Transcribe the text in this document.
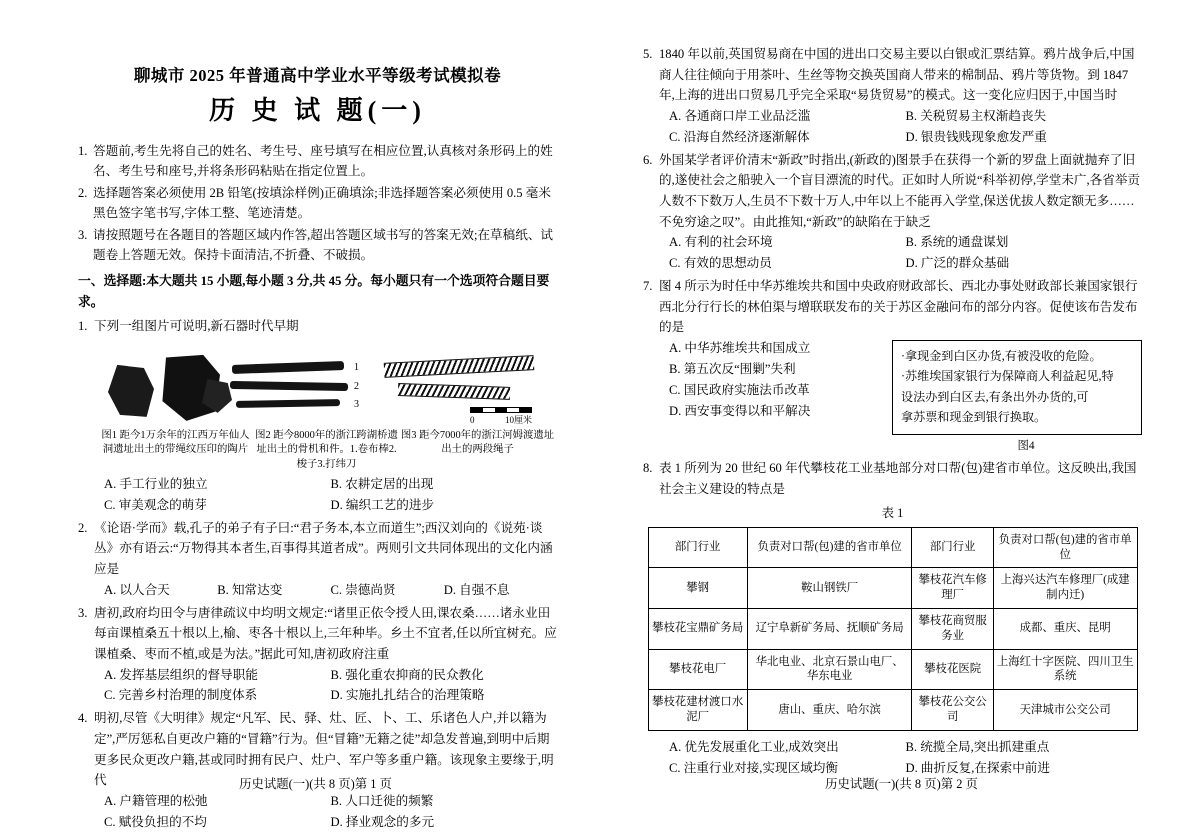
聊城市 2025 年普通高中学业水平等级考试模拟卷
历 史 试 题(一)
1. 答题前,考生先将自己的姓名、考生号、座号填写在相应位置,认真核对条形码上的姓名、考生号和座号,并将条形码粘贴在指定位置上。
2. 选择题答案必须使用 2B 铅笔(按填涂样例)正确填涂;非选择题答案必须使用 0.5 毫米黑色签字笔书写,字体工整、笔迹清楚。
3. 请按照题号在各题目的答题区域内作答,超出答题区域书写的答案无效;在草稿纸、试题卷上答题无效。保持卡面清洁,不折叠、不破损。
一、选择题:本大题共 15 小题,每小题 3 分,共 45 分。每小题只有一个选项符合题目要求。
1. 下列一组图片可说明,新石器时代早期
1
2
3
0	10厘米
图1 距今1万余年的江西万年仙人洞遗址出土的带绳纹压印的陶片
图2 距今8000年的浙江跨湖桥遗址出土的骨机和件。1.卷布棒2.梭子3.打纬刀
图3 距今7000年的浙江河姆渡遗址出土的两段绳子
A. 手工行业的独立	B. 农耕定居的出现
C. 审美观念的萌芽	D. 编织工艺的进步
2. 《论语·学而》载,孔子的弟子有子曰:“君子务本,本立而道生”;西汉刘向的《说苑·谈丛》亦有语云:“万物得其本者生,百事得其道者成”。两则引文共同体现出的文化内涵应是
A. 以人合天	B. 知常达变	C. 崇德尚贤	D. 自强不息
3. 唐初,政府均田令与唐律疏议中均明文规定:“诸里正依令授人田,课农桑……诸永业田每亩课植桑五十根以上,榆、枣各十根以上,三年种毕。乡土不宜者,任以所宜树充。应课植桑、枣而不植,或是为法。”据此可知,唐初政府注重
A. 发挥基层组织的督导职能	B. 强化重农抑商的民众教化
C. 完善乡村治理的制度体系	D. 实施扎扎结合的治理策略
4. 明初,尽管《大明律》规定“凡军、民、驿、灶、匠、卜、工、乐诸色人户,并以籍为定”,严厉惩私自更改户籍的“冒籍”行为。但“冒籍”无籍之徒”却急发普遍,到明中后期更多民众更改户籍,甚或同时拥有民户、灶户、军户等多重户籍。该现象主要缘于,明代
A. 户籍管理的松弛	B. 人口迁徙的频繁
C. 赋役负担的不均	D. 择业观念的多元
历史试题(一)(共 8 页)第 1 页
5. 1840 年以前,英国贸易商在中国的进出口交易主要以白银或汇票结算。鸦片战争后,中国商人往往倾向于用茶叶、生丝等物交换英国商人带来的棉制品、鸦片等货物。到 1847 年,上海的进出口贸易几乎完全采取“易货贸易”的模式。这一变化应归因于,中国当时
A. 各通商口岸工业品泛滥	B. 关税贸易主权渐趋丧失
C. 沿海自然经济逐渐解体	D. 银贵钱贱现象愈发严重
6. 外国某学者评价清末“新政”时指出,(新政的)图景手在获得一个新的罗盘上面就抛弃了旧的,遂使社会之船驶入一个盲目漂流的时代。正如时人所说“科举初停,学堂未广,各省举贡人数不下数万人,生员不下数十万人,中年以上不能再入学堂,保送优拔人数定额无多……不免穷途之叹”。由此推知,“新政”的缺陷在于缺乏
A. 有利的社会环境	B. 系统的通盘谋划
C. 有效的思想动员	D. 广泛的群众基础
7. 图 4 所示为时任中华苏维埃共和国中央政府财政部长、西北办事处财政部长兼国家银行西北分行行长的林伯渠与增联联发布的关于苏区金融问布的部分内容。促使该布告发布的是
A. 中华苏维埃共和国成立
B. 第五次反“围剿”失利
C. 国民政府实施法币改革
D. 西安事变得以和平解决
·拿现金到白区办货,有被没收的危险。
·苏维埃国家银行为保障商人利益起见,特
设法办到白区去,有条出外办货的,可
拿苏票和现金到银行换取。
图4
8. 表 1 所列为 20 世纪 60 年代攀枝花工业基地部分对口帮(包)建省市单位。这反映出,我国社会主义建设的特点是
表 1
部门行业	负责对口帮(包)建的省市单位	部门行业	负责对口帮(包)建的省市单位
攀钢	鞍山钢铁厂	攀枝花汽车修理厂	上海兴达汽车修理厂(成建制内迁)
攀枝花宝鼎矿务局	辽宁阜新矿务局、抚顺矿务局	攀枝花商贸服务业	成都、重庆、昆明
攀枝花电厂	华北电业、北京石景山电厂、华东电业	攀枝花医院	上海红十字医院、四川卫生系统
攀枝花建材渡口水泥厂	唐山、重庆、哈尔滨	攀枝花公交公司	天津城市公交公司
A. 优先发展重化工业,成效突出	B. 统揽全局,突出抓建重点
C. 注重行业对接,实现区域均衡	D. 曲折反复,在探索中前进
历史试题(一)(共 8 页)第 2 页
